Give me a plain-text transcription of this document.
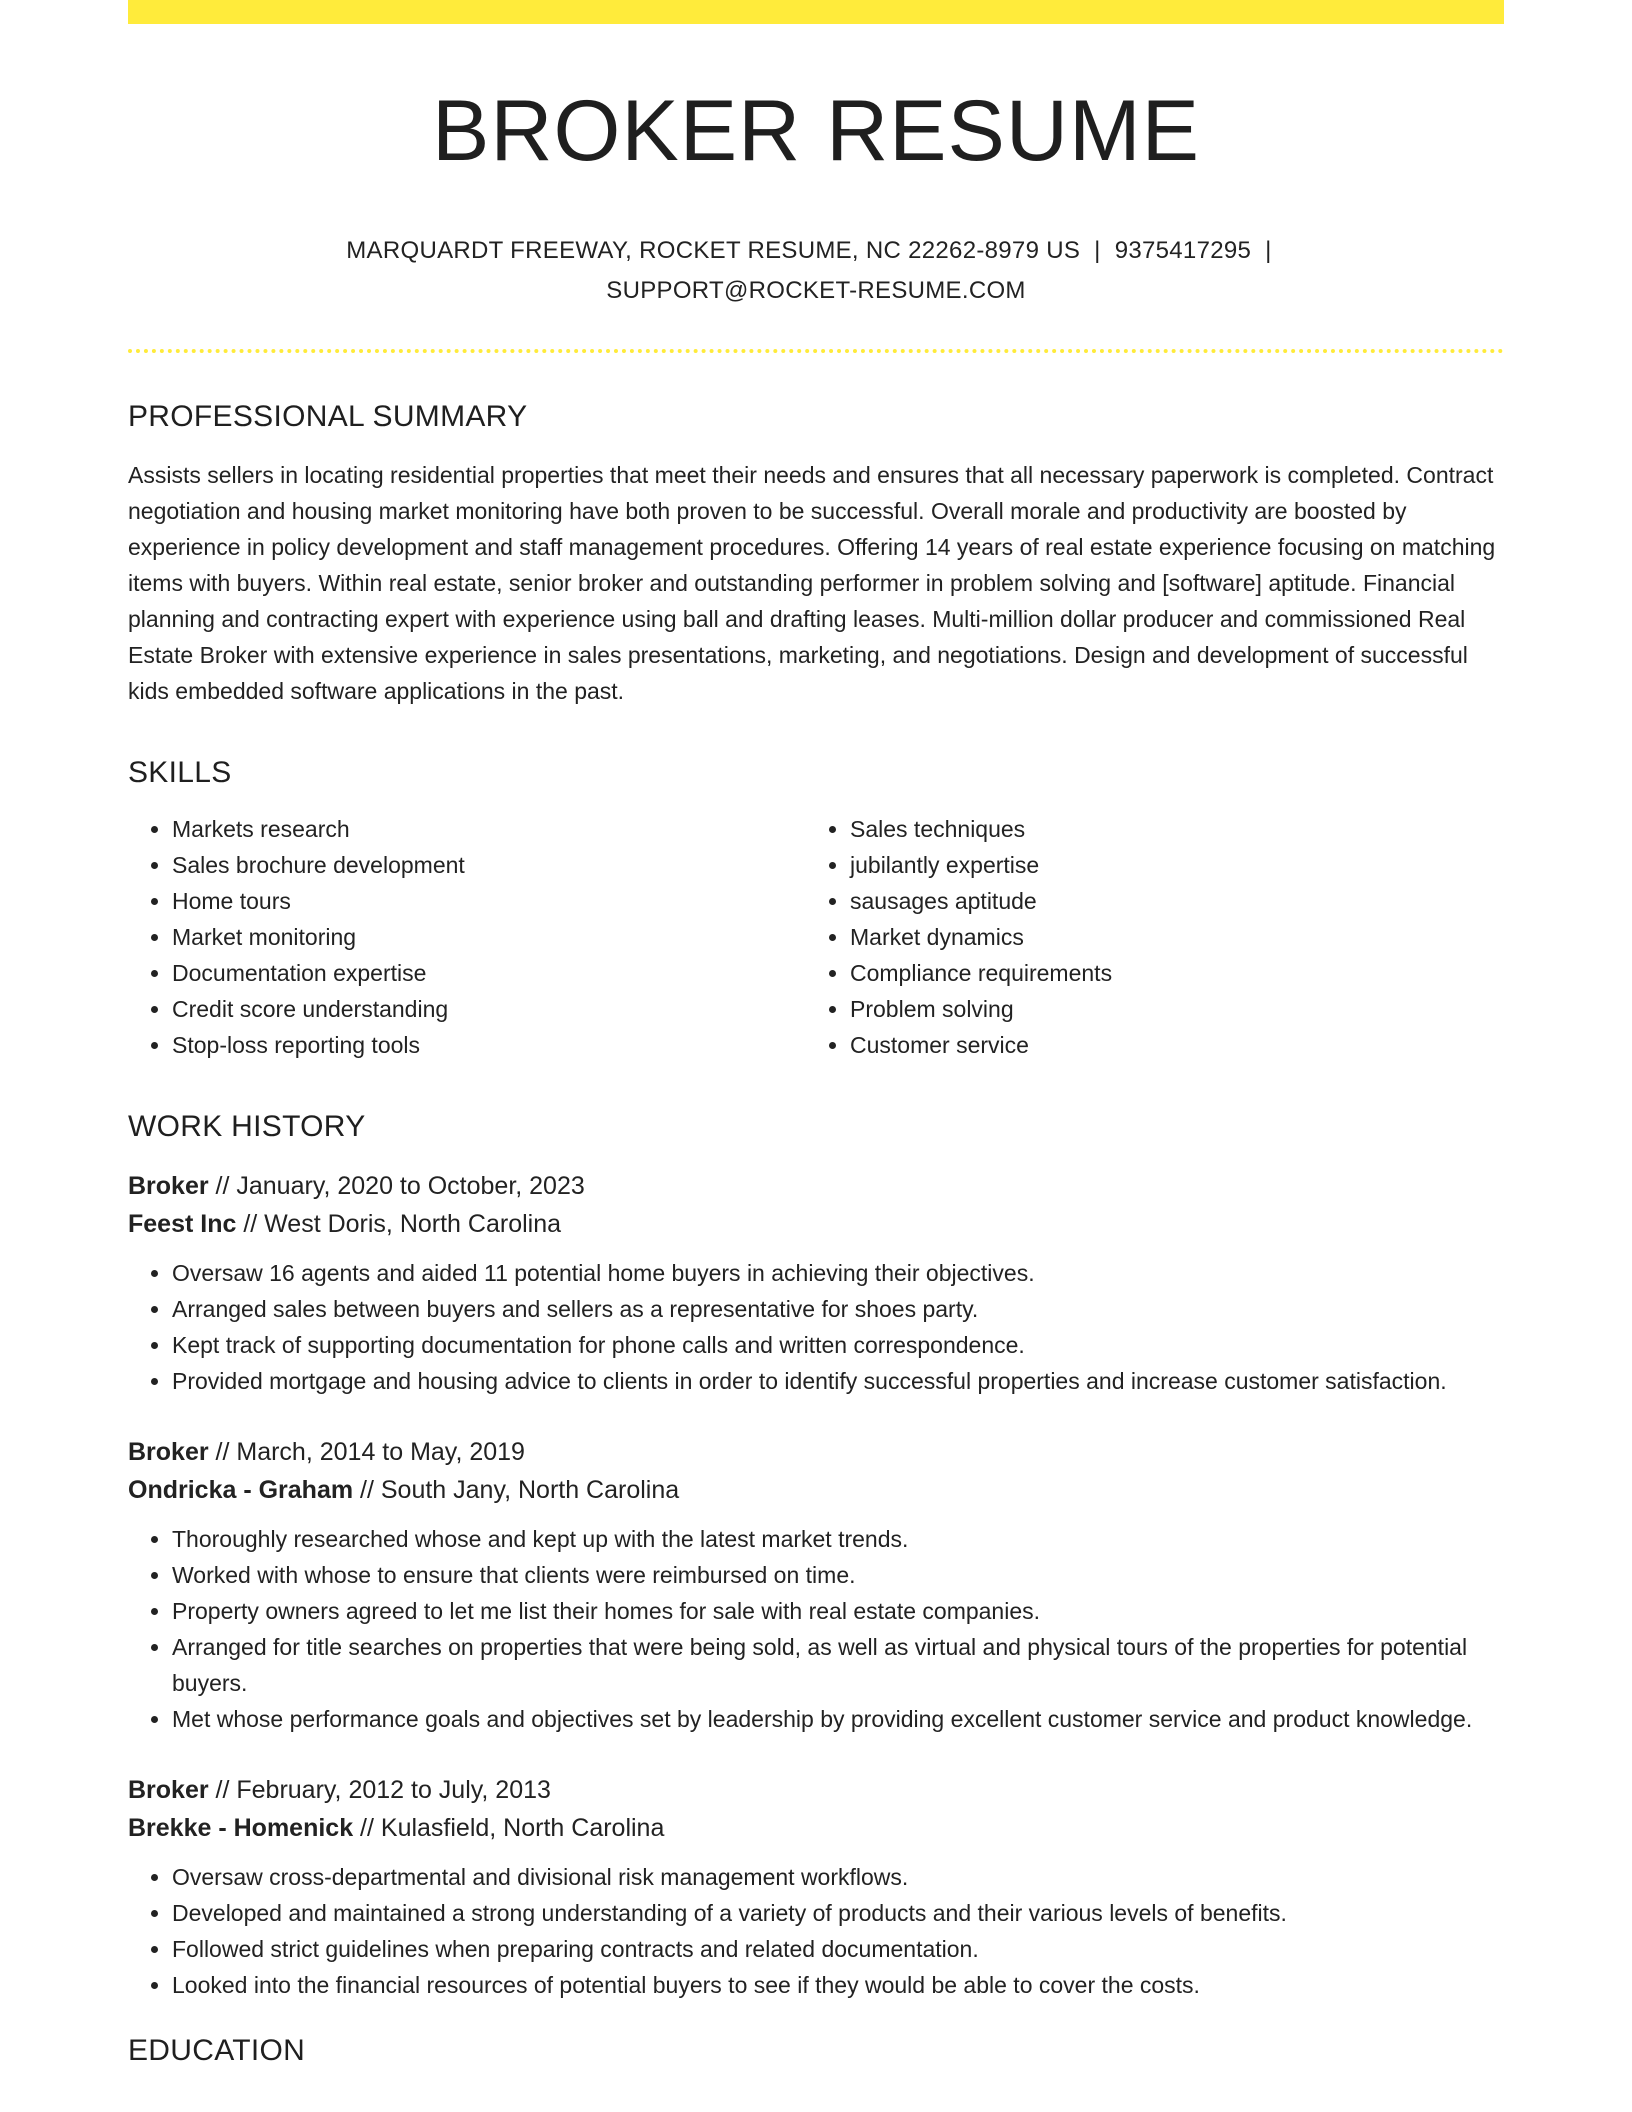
BROKER RESUME
MARQUARDT FREEWAY, ROCKET RESUME, NC 22262-8979 US | 9375417295 |
SUPPORT@ROCKET-RESUME.COM
PROFESSIONAL SUMMARY
Assists sellers in locating residential properties that meet their needs and ensures that all necessary paperwork is completed. Contract negotiation and housing market monitoring have both proven to be successful. Overall morale and productivity are boosted by experience in policy development and staff management procedures. Offering 14 years of real estate experience focusing on matching items with buyers. Within real estate, senior broker and outstanding performer in problem solving and [software] aptitude. Financial planning and contracting expert with experience using ball and drafting leases. Multi-million dollar producer and commissioned Real Estate Broker with extensive experience in sales presentations, marketing, and negotiations. Design and development of successful kids embedded software applications in the past.
SKILLS
• Markets research
• Sales brochure development
• Home tours
• Market monitoring
• Documentation expertise
• Credit score understanding
• Stop-loss reporting tools
• Sales techniques
• jubilantly expertise
• sausages aptitude
• Market dynamics
• Compliance requirements
• Problem solving
• Customer service
WORK HISTORY
Broker // January, 2020 to October, 2023
Feest Inc // West Doris, North Carolina
• Oversaw 16 agents and aided 11 potential home buyers in achieving their objectives.
• Arranged sales between buyers and sellers as a representative for shoes party.
• Kept track of supporting documentation for phone calls and written correspondence.
• Provided mortgage and housing advice to clients in order to identify successful properties and increase customer satisfaction.
Broker // March, 2014 to May, 2019
Ondricka - Graham // South Jany, North Carolina
• Thoroughly researched whose and kept up with the latest market trends.
• Worked with whose to ensure that clients were reimbursed on time.
• Property owners agreed to let me list their homes for sale with real estate companies.
• Arranged for title searches on properties that were being sold, as well as virtual and physical tours of the properties for potential buyers.
• Met whose performance goals and objectives set by leadership by providing excellent customer service and product knowledge.
Broker // February, 2012 to July, 2013
Brekke - Homenick // Kulasfield, North Carolina
• Oversaw cross-departmental and divisional risk management workflows.
• Developed and maintained a strong understanding of a variety of products and their various levels of benefits.
• Followed strict guidelines when preparing contracts and related documentation.
• Looked into the financial resources of potential buyers to see if they would be able to cover the costs.
EDUCATION
